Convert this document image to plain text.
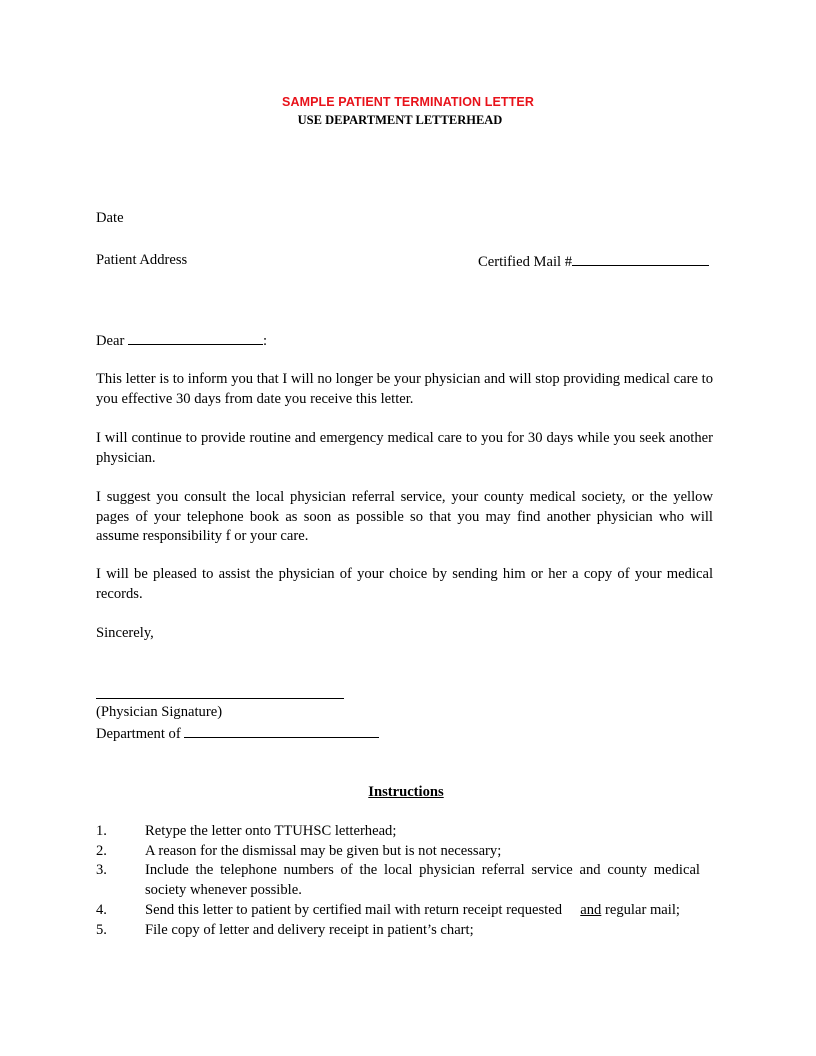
SAMPLE PATIENT TERMINATION LETTER
USE DEPARTMENT LETTERHEAD
Date
Patient Address	Certified Mail #
Dear	:
This letter is to inform you that I will no longer be your physician and will stop providing medical care to you effective 30 days from date you receive this letter.
I will continue to provide routine and emergency medical care to you for 30 days while you seek another physician.
I suggest you consult the local physician referral service, your county medical society, or the yellow pages of your telephone book as soon as possible so that you may find another physician who will assume responsibility f or your care.
I will be pleased to assist the physician of your choice by sending him or her a copy of your medical records.
Sincerely,
(Physician Signature)
Department of
Instructions
1.	Retype the letter onto TTUHSC letterhead;
2.	A reason for the dismissal may be given but is not necessary;
3.	Include the telephone numbers of the local physician referral service and county medical society whenever possible.
4.	Send this letter to patient by certified mail with return receipt requested     and regular mail;
5.	File copy of letter and delivery receipt in patient’s chart;
